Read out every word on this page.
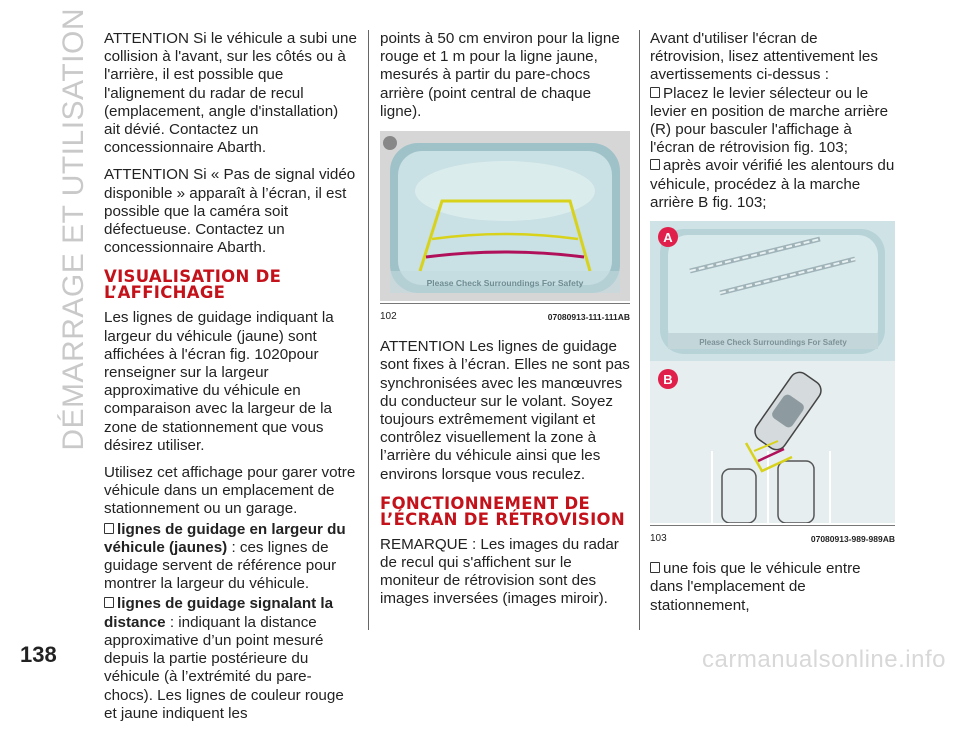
DÉMARRAGE ET UTILISATION ATTENTION Si le véhicule a subi une collision à l'avant, sur les côtés ou à l'arrière, il est possible que l'alignement du radar de recul (emplacement, angle d'installation) ait dévié. Contactez un concessionnaire Abarth.

ATTENTION Si « Pas de signal vidéo disponible » apparaît à l’écran, il est possible que la caméra soit défectueuse. Contactez un concessionnaire Abarth.

VISUALISATION DE L’AFFICHAGE

Les lignes de guidage indiquant la largeur du véhicule (jaune) sont affichées à l'écran fig. 1020pour renseigner sur la largeur approximative du véhicule en comparaison avec la largeur de la zone de stationnement que vous désirez utiliser.

Utilisez cet affichage pour garer votre véhicule dans un emplacement de stationnement ou un garage.

lignes de guidage en largeur du véhicule (jaunes) : ces lignes de guidage servent de référence pour montrer la largeur du véhicule.

lignes de guidage signalant la distance : indiquant la distance approximative d’un point mesuré depuis la partie postérieure du véhicule (à l’extrémité du pare-chocs). Les lignes de couleur rouge et jaune indiquent les

points à 50 cm environ pour la ligne rouge et 1 m pour la ligne jaune, mesurés à partir du pare-chocs arrière (point central de chaque ligne).

Please Check Surroundings For Safety
102	07080913-111-111AB

ATTENTION Les lignes de guidage sont fixes à l’écran. Elles ne sont pas synchronisées avec les manœuvres du conducteur sur le volant. Soyez toujours extrêmement vigilant et contrôlez visuellement la zone à l’arrière du véhicule ainsi que les environs lorsque vous reculez.

FONCTIONNEMENT DE L’ÉCRAN DE RÉTROVISION

REMARQUE : Les images du radar de recul qui s'affichent sur le moniteur de rétrovision sont des images inversées (images miroir).

Avant d'utiliser l'écran de rétrovision, lisez attentivement les avertissements ci-dessus :

Placez le levier sélecteur ou le levier en position de marche arrière (R) pour basculer l'affichage à l'écran de rétrovision fig. 103;

après avoir vérifié les alentours du véhicule, procédez à la marche arrière B fig. 103;

Please Check Surroundings For Safety
A
B
103	07080913-989-989AB

une fois que le véhicule entre dans l'emplacement de stationnement,

138	carmanualsonline.info
